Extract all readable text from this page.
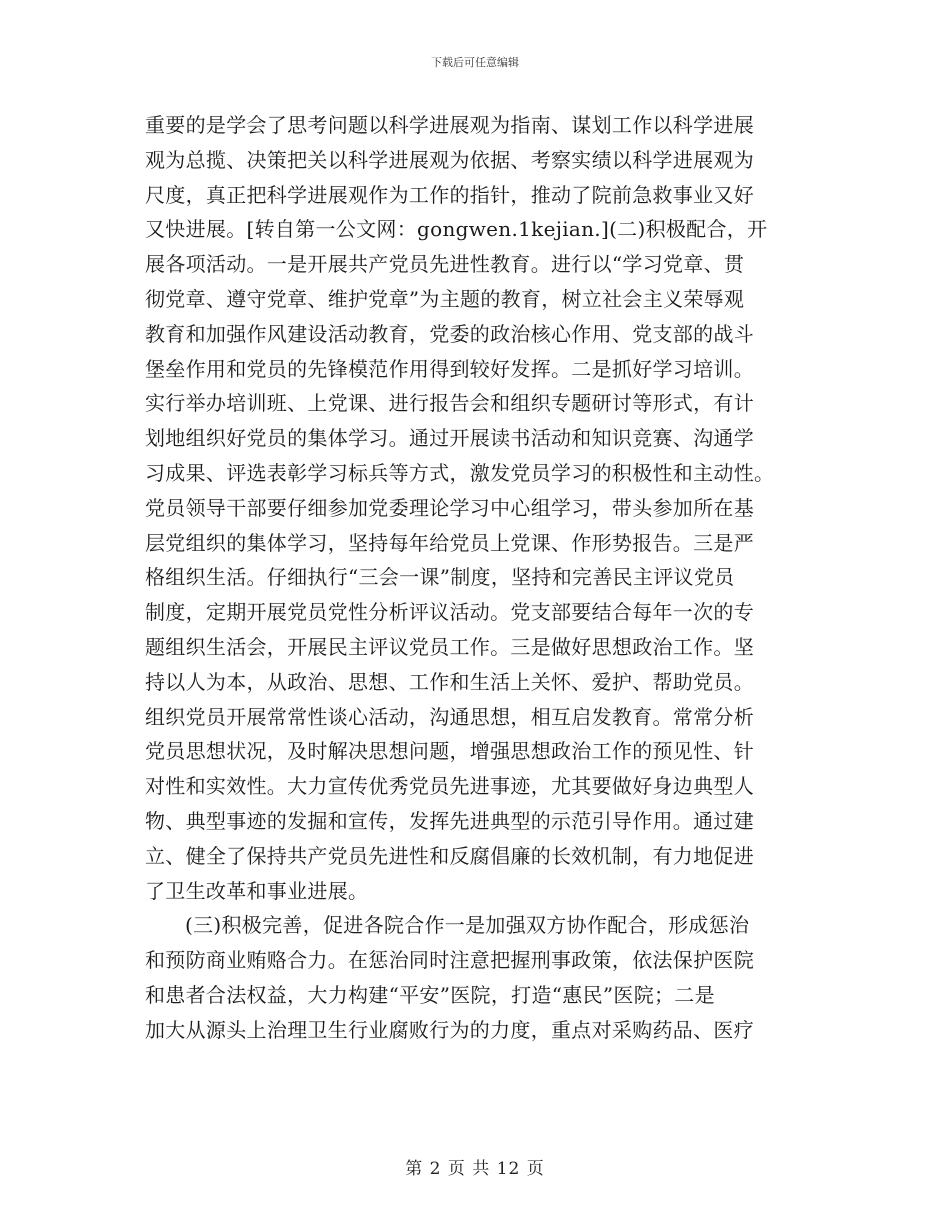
下载后可任意编辑
重要的是学会了思考问题以科学进展观为指南、谋划工作以科学进展
观为总揽、决策把关以科学进展观为依据、考察实绩以科学进展观为
尺度，真正把科学进展观作为工作的指针，推动了院前急救事业又好
又快进展。[转自第一公文网：gongwen.1kejian.](二)积极配合，开
展各项活动。一是开展共产党员先进性教育。进行以“学习党章、贯
彻党章、遵守党章、维护党章”为主题的教育，树立社会主义荣辱观
教育和加强作风建设活动教育，党委的政治核心作用、党支部的战斗
堡垒作用和党员的先锋模范作用得到较好发挥。二是抓好学习培训。
实行举办培训班、上党课、进行报告会和组织专题研讨等形式，有计
划地组织好党员的集体学习。通过开展读书活动和知识竞赛、沟通学
习成果、评选表彰学习标兵等方式，激发党员学习的积极性和主动性。
党员领导干部要仔细参加党委理论学习中心组学习，带头参加所在基
层党组织的集体学习，坚持每年给党员上党课、作形势报告。三是严
格组织生活。仔细执行“三会一课”制度，坚持和完善民主评议党员
制度，定期开展党员党性分析评议活动。党支部要结合每年一次的专
题组织生活会，开展民主评议党员工作。三是做好思想政治工作。坚
持以人为本，从政治、思想、工作和生活上关怀、爱护、帮助党员。
组织党员开展常常性谈心活动，沟通思想，相互启发教育。常常分析
党员思想状况，及时解决思想问题，增强思想政治工作的预见性、针
对性和实效性。大力宣传优秀党员先进事迹，尤其要做好身边典型人
物、典型事迹的发掘和宣传，发挥先进典型的示范引导作用。通过建
立、健全了保持共产党员先进性和反腐倡廉的长效机制，有力地促进
了卫生改革和事业进展。
(三)积极完善，促进各院合作一是加强双方协作配合，形成惩治
和预防商业贿赂合力。在惩治同时注意把握刑事政策，依法保护医院
和患者合法权益，大力构建“平安”医院，打造“惠民”医院；二是
加大从源头上治理卫生行业腐败行为的力度，重点对采购药品、医疗
第 2 页 共 12 页
